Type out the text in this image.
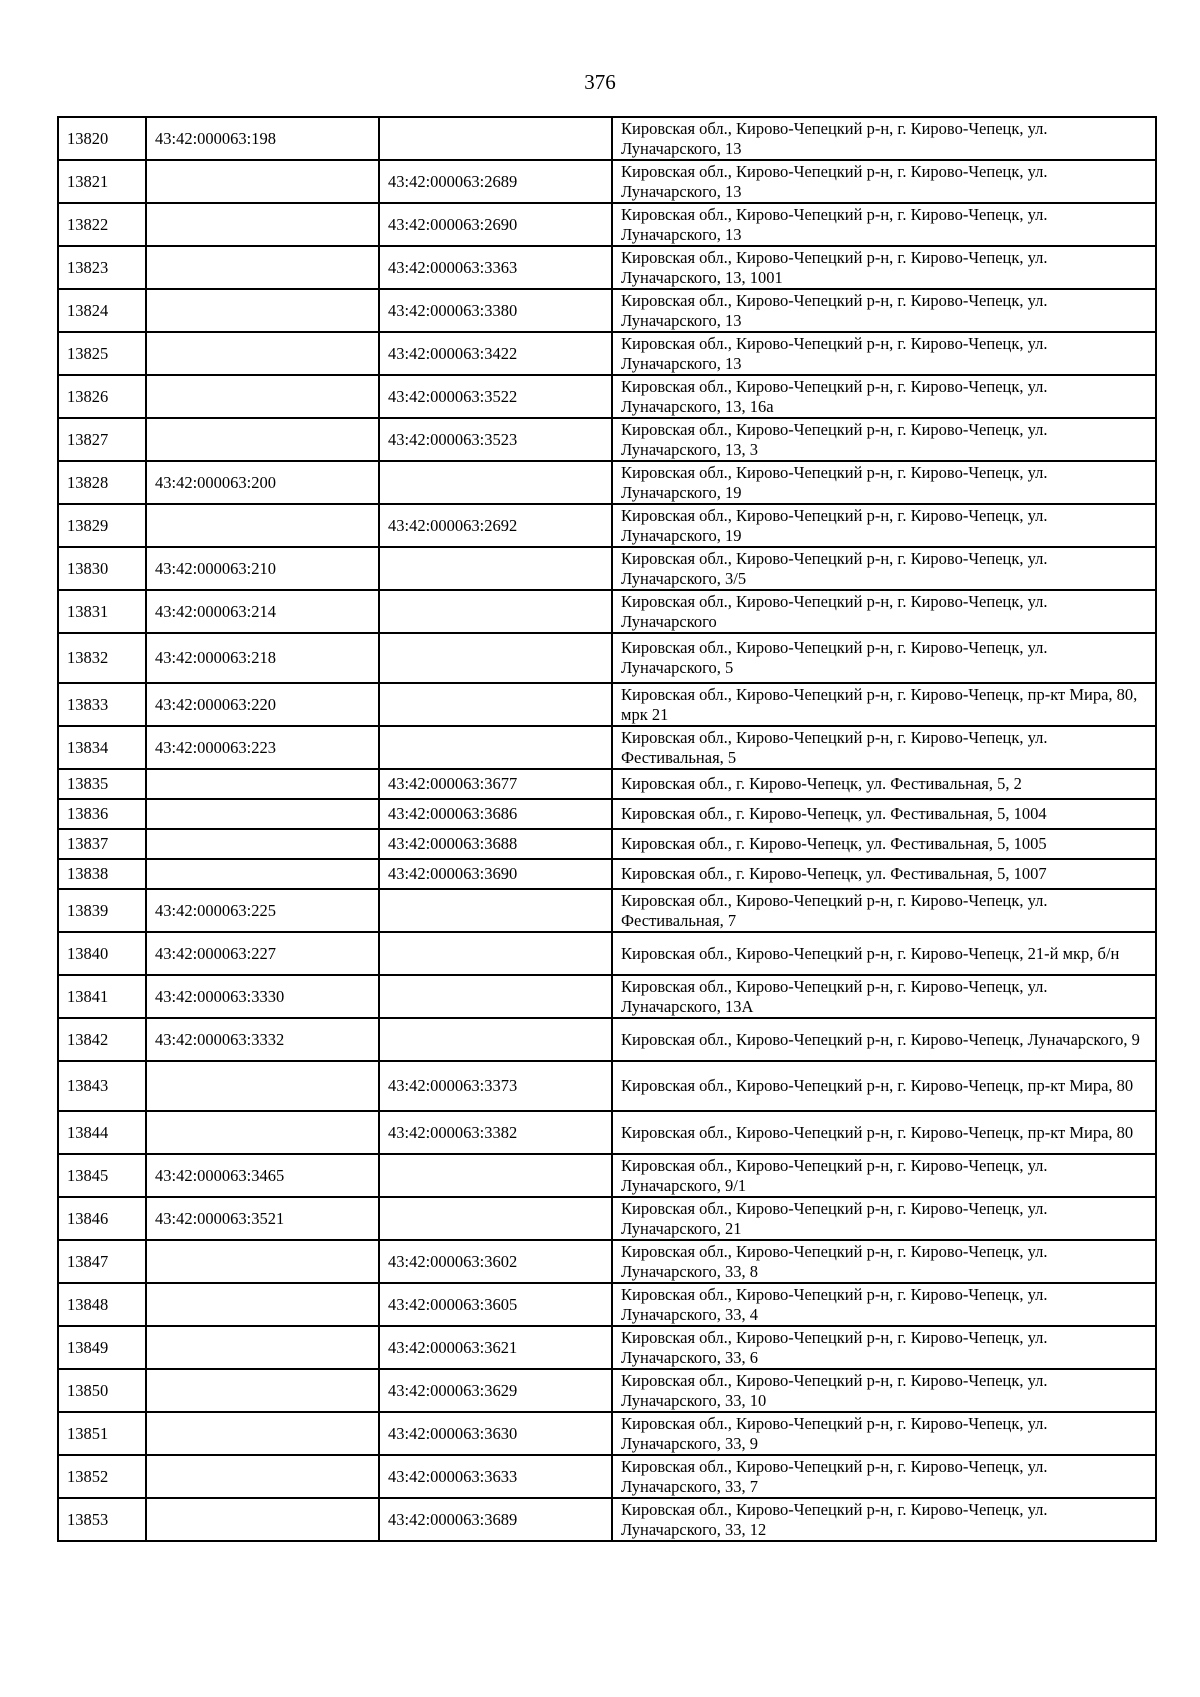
376
13820	43:42:000063:198		Кировская обл., Кирово-Чепецкий р-н, г. Кирово-Чепецк, ул. Луначарского, 13
13821		43:42:000063:2689	Кировская обл., Кирово-Чепецкий р-н, г. Кирово-Чепецк, ул. Луначарского, 13
13822		43:42:000063:2690	Кировская обл., Кирово-Чепецкий р-н, г. Кирово-Чепецк, ул. Луначарского, 13
13823		43:42:000063:3363	Кировская обл., Кирово-Чепецкий р-н, г. Кирово-Чепецк, ул. Луначарского, 13, 1001
13824		43:42:000063:3380	Кировская обл., Кирово-Чепецкий р-н, г. Кирово-Чепецк, ул. Луначарского, 13
13825		43:42:000063:3422	Кировская обл., Кирово-Чепецкий р-н, г. Кирово-Чепецк, ул. Луначарского, 13
13826		43:42:000063:3522	Кировская обл., Кирово-Чепецкий р-н, г. Кирово-Чепецк, ул. Луначарского, 13, 16а
13827		43:42:000063:3523	Кировская обл., Кирово-Чепецкий р-н, г. Кирово-Чепецк, ул. Луначарского, 13, 3
13828	43:42:000063:200		Кировская обл., Кирово-Чепецкий р-н, г. Кирово-Чепецк, ул. Луначарского, 19
13829		43:42:000063:2692	Кировская обл., Кирово-Чепецкий р-н, г. Кирово-Чепецк, ул. Луначарского, 19
13830	43:42:000063:210		Кировская обл., Кирово-Чепецкий р-н, г. Кирово-Чепецк, ул. Луначарского, 3/5
13831	43:42:000063:214		Кировская обл., Кирово-Чепецкий р-н, г. Кирово-Чепецк, ул. Луначарского
13832	43:42:000063:218		Кировская обл., Кирово-Чепецкий р-н, г. Кирово-Чепецк, ул. Луначарского, 5
13833	43:42:000063:220		Кировская обл., Кирово-Чепецкий р-н, г. Кирово-Чепецк, пр-кт Мира, 80, мрк 21
13834	43:42:000063:223		Кировская обл., Кирово-Чепецкий р-н, г. Кирово-Чепецк, ул. Фестивальная, 5
13835		43:42:000063:3677	Кировская обл., г. Кирово-Чепецк, ул. Фестивальная, 5, 2
13836		43:42:000063:3686	Кировская обл., г. Кирово-Чепецк, ул. Фестивальная, 5, 1004
13837		43:42:000063:3688	Кировская обл., г. Кирово-Чепецк, ул. Фестивальная, 5, 1005
13838		43:42:000063:3690	Кировская обл., г. Кирово-Чепецк, ул. Фестивальная, 5, 1007
13839	43:42:000063:225		Кировская обл., Кирово-Чепецкий р-н, г. Кирово-Чепецк, ул. Фестивальная, 7
13840	43:42:000063:227		Кировская обл., Кирово-Чепецкий р-н, г. Кирово-Чепецк, 21-й мкр, б/н
13841	43:42:000063:3330		Кировская обл., Кирово-Чепецкий р-н, г. Кирово-Чепецк, ул. Луначарского, 13А
13842	43:42:000063:3332		Кировская обл., Кирово-Чепецкий р-н, г. Кирово-Чепецк, Луначарского, 9
13843		43:42:000063:3373	Кировская обл., Кирово-Чепецкий р-н, г. Кирово-Чепецк, пр-кт Мира, 80
13844		43:42:000063:3382	Кировская обл., Кирово-Чепецкий р-н, г. Кирово-Чепецк, пр-кт Мира, 80
13845	43:42:000063:3465		Кировская обл., Кирово-Чепецкий р-н, г. Кирово-Чепецк, ул. Луначарского, 9/1
13846	43:42:000063:3521		Кировская обл., Кирово-Чепецкий р-н, г. Кирово-Чепецк, ул. Луначарского, 21
13847		43:42:000063:3602	Кировская обл., Кирово-Чепецкий р-н, г. Кирово-Чепецк, ул. Луначарского, 33, 8
13848		43:42:000063:3605	Кировская обл., Кирово-Чепецкий р-н, г. Кирово-Чепецк, ул. Луначарского, 33, 4
13849		43:42:000063:3621	Кировская обл., Кирово-Чепецкий р-н, г. Кирово-Чепецк, ул. Луначарского, 33, 6
13850		43:42:000063:3629	Кировская обл., Кирово-Чепецкий р-н, г. Кирово-Чепецк, ул. Луначарского, 33, 10
13851		43:42:000063:3630	Кировская обл., Кирово-Чепецкий р-н, г. Кирово-Чепецк, ул. Луначарского, 33, 9
13852		43:42:000063:3633	Кировская обл., Кирово-Чепецкий р-н, г. Кирово-Чепецк, ул. Луначарского, 33, 7
13853		43:42:000063:3689	Кировская обл., Кирово-Чепецкий р-н, г. Кирово-Чепецк, ул. Луначарского, 33, 12
